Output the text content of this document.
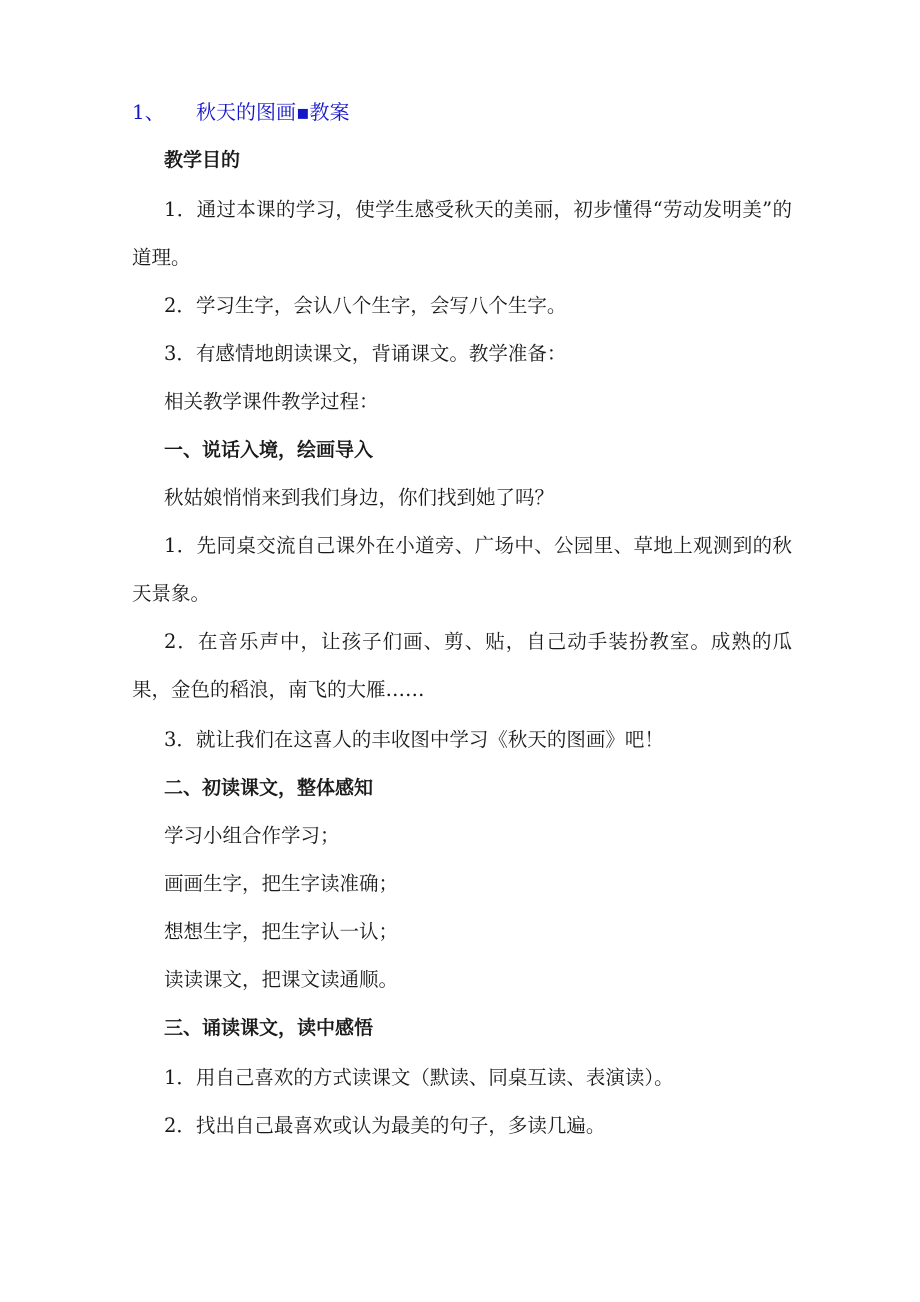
1、 秋天的图画▪教案
教学目的
1．通过本课的学习，使学生感受秋天的美丽，初步懂得“劳动发明美”的道理。
2．学习生字，会认八个生字，会写八个生字。
3．有感情地朗读课文，背诵课文。教学准备：
相关教学课件教学过程：
一、说话入境，绘画导入
秋姑娘悄悄来到我们身边，你们找到她了吗？
1．先同桌交流自己课外在小道旁、广场中、公园里、草地上观测到的秋天景象。
2．在音乐声中，让孩子们画、剪、贴，自己动手装扮教室。成熟的瓜果，金色的稻浪，南飞的大雁……
3．就让我们在这喜人的丰收图中学习《秋天的图画》吧！
二、初读课文，整体感知
学习小组合作学习；
画画生字，把生字读准确；
想想生字，把生字认一认；
读读课文，把课文读通顺。
三、诵读课文，读中感悟
1．用自己喜欢的方式读课文（默读、同桌互读、表演读）。
2．找出自己最喜欢或认为最美的句子，多读几遍。
